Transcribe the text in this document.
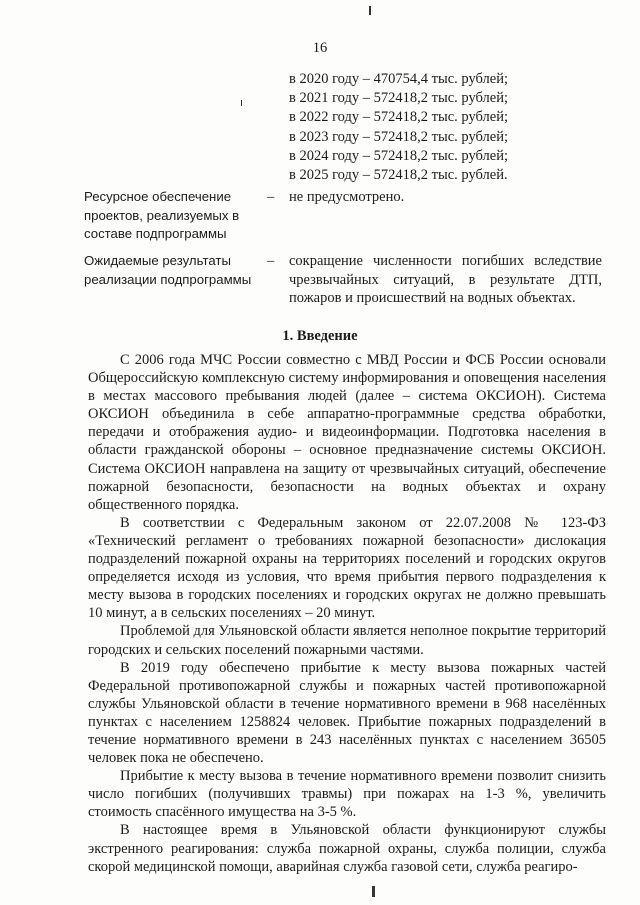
16
в 2020 году – 470754,4 тыс. рублей;
в 2021 году – 572418,2 тыс. рублей;
в 2022 году – 572418,2 тыс. рублей;
в 2023 году – 572418,2 тыс. рублей;
в 2024 году – 572418,2 тыс. рублей;
в 2025 году – 572418,2 тыс. рублей.
Ресурсное обеспечение проектов, реализуемых в составе подпрограммы
– не предусмотрено.
Ожидаемые результаты реализации подпрограммы
– сокращение численности погибших вследствие чрезвычайных ситуаций, в результате ДТП, пожаров и происшествий на водных объектах.
1. Введение

С 2006 года МЧС России совместно с МВД России и ФСБ России основали Общероссийскую комплексную систему информирования и оповещения населения в местах массового пребывания людей (далее – система ОКСИОН). Система ОКСИОН объединила в себе аппаратно-программные средства обработки, передачи и отображения аудио- и видеоинформации. Подготовка населения в области гражданской обороны – основное предназначение системы ОКСИОН. Система ОКСИОН направлена на защиту от чрезвычайных ситуаций, обеспечение пожарной безопасности, безопасности на водных объектах и охрану общественного порядка.

В соответствии с Федеральным законом от 22.07.2008 № 123-ФЗ «Технический регламент о требованиях пожарной безопасности» дислокация подразделений пожарной охраны на территориях поселений и городских округов определяется исходя из условия, что время прибытия первого подразделения к месту вызова в городских поселениях и городских округах не должно превышать 10 минут, а в сельских поселениях – 20 минут.

Проблемой для Ульяновской области является неполное покрытие территорий городских и сельских поселений пожарными частями.

В 2019 году обеспечено прибытие к месту вызова пожарных частей Федеральной противопожарной службы и пожарных частей противопожарной службы Ульяновской области в течение нормативного времени в 968 населённых пунктах с населением 1258824 человек. Прибытие пожарных подразделений в течение нормативного времени в 243 населённых пунктах с населением 36505 человек пока не обеспечено.

Прибытие к месту вызова в течение нормативного времени позволит снизить число погибших (получивших травмы) при пожарах на 1-3 %, увеличить стоимость спасённого имущества на 3-5 %.

В настоящее время в Ульяновской области функционируют службы экстренного реагирования: служба пожарной охраны, служба полиции, служба скорой медицинской помощи, аварийная служба газовой сети, служба реагиро-
